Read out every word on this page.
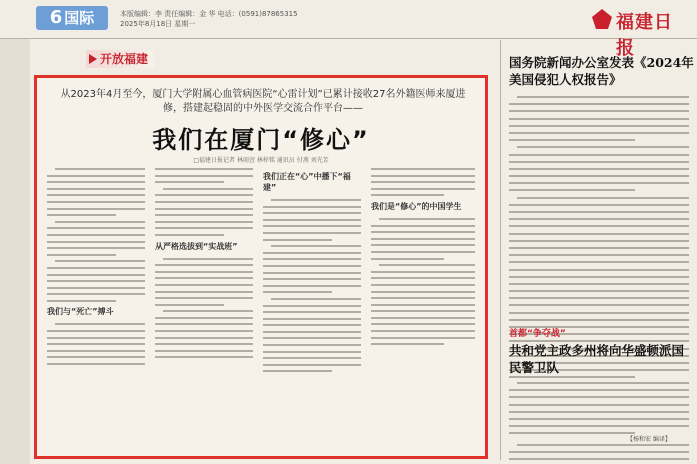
6 国际	本版编辑：李 责任编辑：金 华 电话：(0591)87865315
2025年8月18日 星期一	福建日报
开放福建
从2023年4月至今，厦门大学附属心血管病医院“心雷计划”已累计接收27名外籍医师来厦进修，搭建起稳固的中外医学交流合作平台——
我们在厦门“修心”
□福建日报记者 林雨萱 林梓铭 通讯员 付燕 刘光芳
我们与“死亡”搏斗
从严格选拔到“实战班”
我们正在“心”中播下“福建”
我们是“修心”的中国学生
国务院新闻办公室发表《2024年美国侵犯人权报告》
首都“争夺战”
共和党主政多州将向华盛顿派国民警卫队
【杨和宏 编译】
